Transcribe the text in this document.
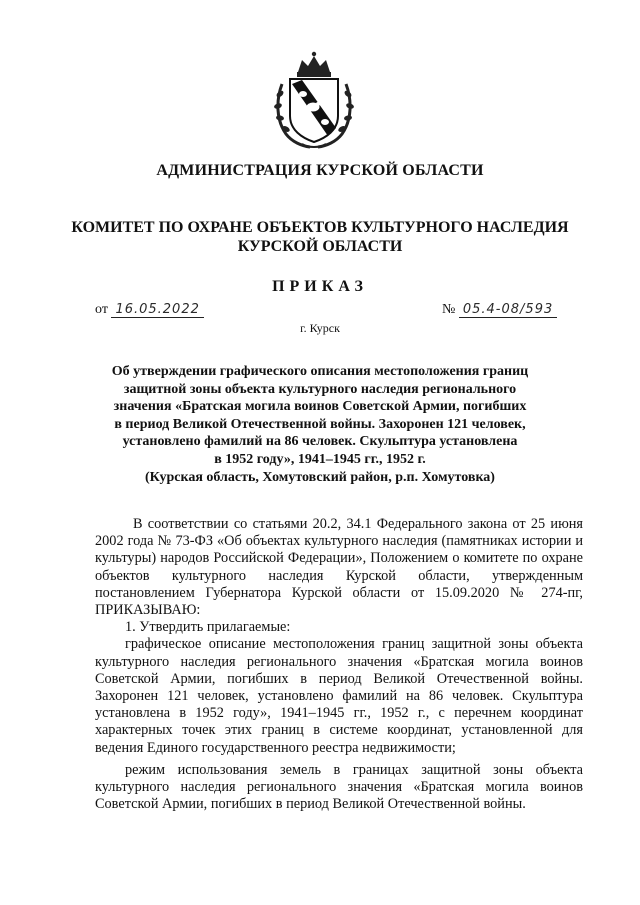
АДМИНИСТРАЦИЯ КУРСКОЙ ОБЛАСТИ
КОМИТЕТ ПО ОХРАНЕ ОБЪЕКТОВ КУЛЬТУРНОГО НАСЛЕДИЯ
КУРСКОЙ ОБЛАСТИ
ПРИКАЗ
от 16.05.2022	№ 05.4-08/593
г. Курск
Об утверждении графического описания местоположения границ
защитной зоны объекта культурного наследия регионального
значения «Братская могила воинов Советской Армии, погибших
в период Великой Отечественной войны. Захоронен 121 человек,
установлено фамилий на 86 человек. Скульптура установлена
в 1952 году», 1941–1945 гг., 1952 г.
(Курская область, Хомутовский район, р.п. Хомутовка)

В соответствии со статьями 20.2, 34.1 Федерального закона от 25 июня 2002 года № 73-ФЗ «Об объектах культурного наследия (памятниках истории и культуры) народов Российской Федерации», Положением о комитете по охране объектов культурного наследия Курской области, утвержденным постановлением Губернатора Курской области от 15.09.2020 № 274-пг, ПРИКАЗЫВАЮ:

1. Утвердить прилагаемые:

графическое описание местоположения границ защитной зоны объекта культурного наследия регионального значения «Братская могила воинов Советской Армии, погибших в период Великой Отечественной войны. Захоронен 121 человек, установлено фамилий на 86 человек. Скульптура установлена в 1952 году», 1941–1945 гг., 1952 г., с перечнем координат характерных точек этих границ в системе координат, установленной для ведения Единого государственного реестра недвижимости;

режим использования земель в границах защитной зоны объекта культурного наследия регионального значения «Братская могила воинов Советской Армии, погибших в период Великой Отечественной войны.
